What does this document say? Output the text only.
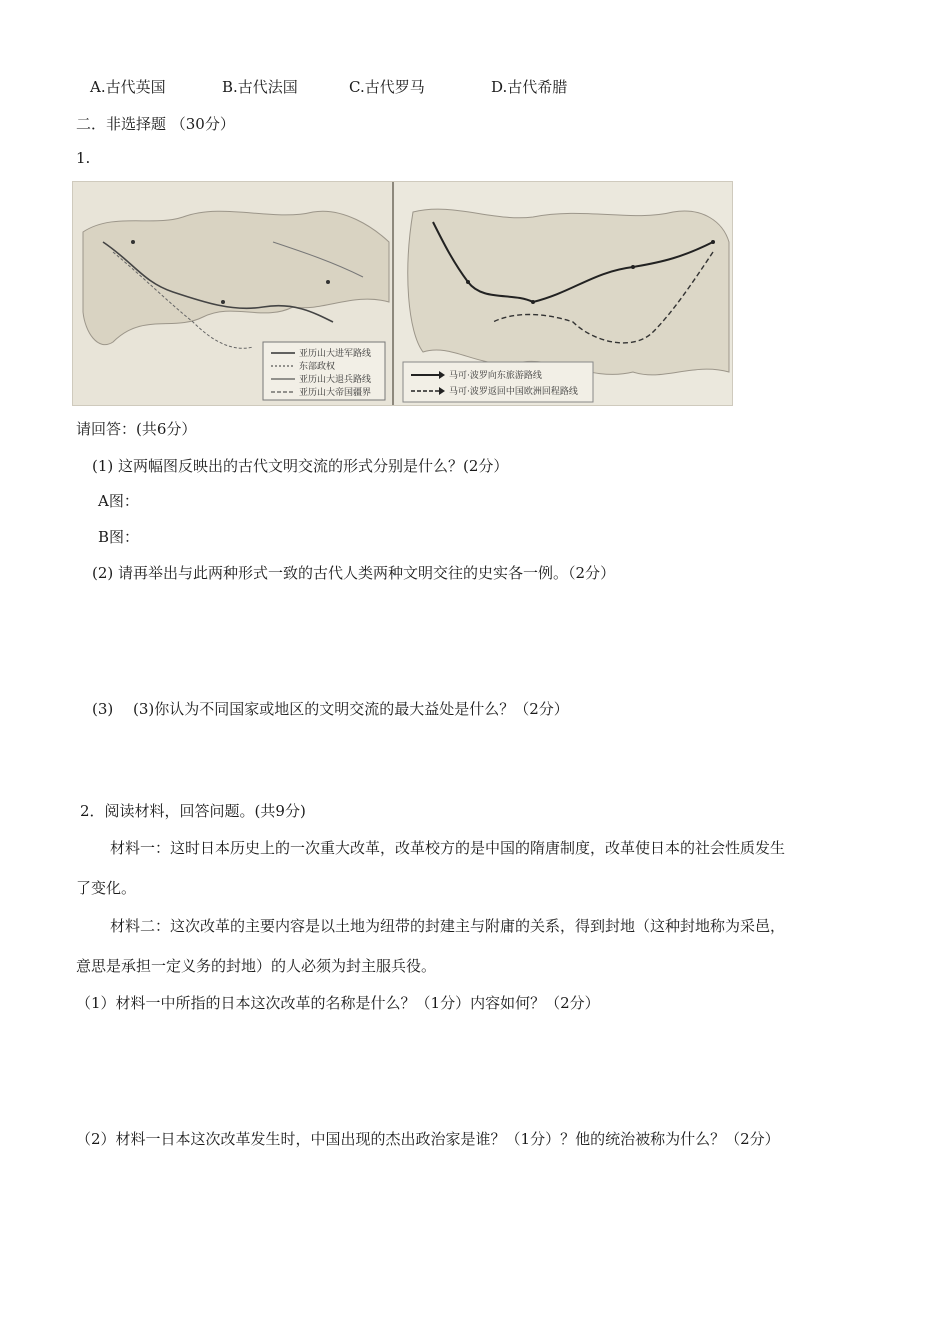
A.古代英国	B.古代法国	C.古代罗马	D.古代希腊
二．非选择题 （30分）
1.
亚历山大进军路线
东部政权
亚历山大退兵路线
亚历山大帝国疆界
马可·波罗向东旅游路线
马可·波罗返回中国欧洲回程路线
请回答：(共6分）
(1) 这两幅图反映出的古代文明交流的形式分别是什么？(2分）
A图：
B图：
(2) 请再举出与此两种形式一致的古代人类两种文明交往的史实各一例。（2分）
(3)　 (3)你认为不同国家或地区的文明交流的最大益处是什么？（2分）
2．阅读材料，回答问题。(共9分)
材料一：这时日本历史上的一次重大改革，改革校方的是中国的隋唐制度，改革使日本的社会性质发生
了变化。
材料二：这次改革的主要内容是以土地为纽带的封建主与附庸的关系，得到封地（这种封地称为采邑，
意思是承担一定义务的封地）的人必须为封主服兵役。
（1）材料一中所指的日本这次改革的名称是什么？（1分）内容如何？（2分）
（2）材料一日本这次改革发生时，中国出现的杰出政治家是谁？（1分）？他的统治被称为什么？（2分）
